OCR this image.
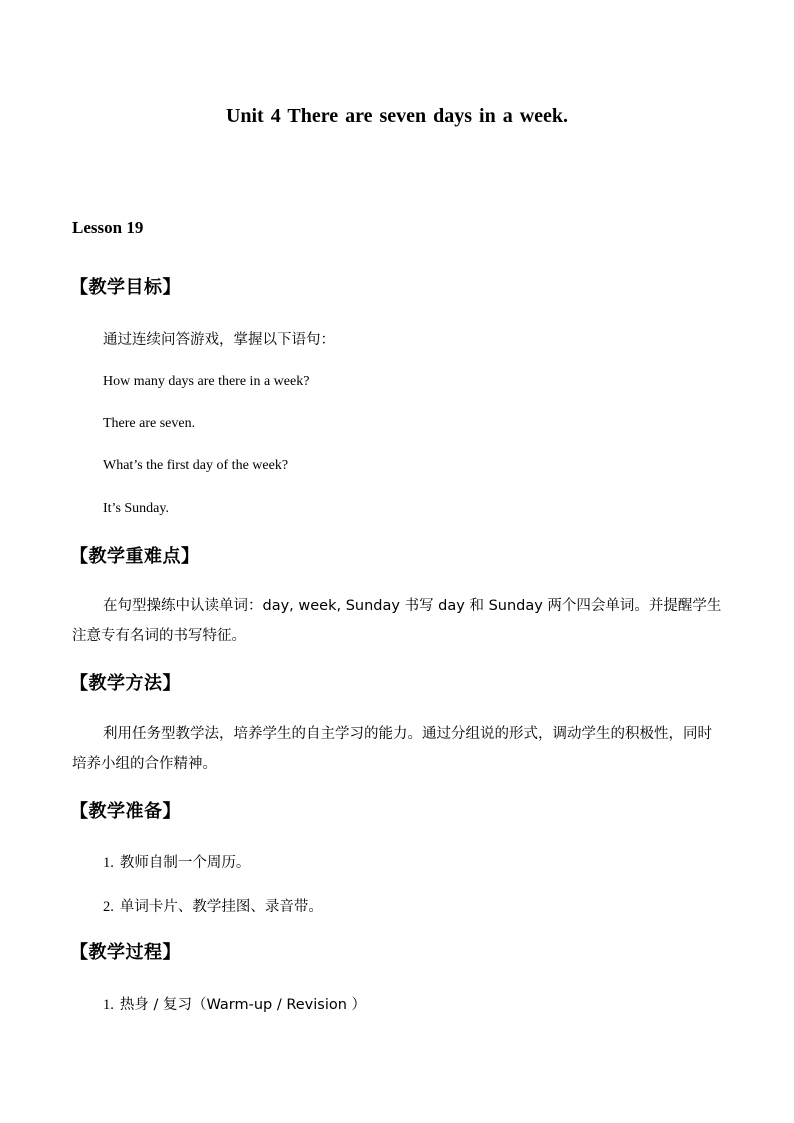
Unit 4 There are seven days in a week.
Lesson 19
【教学目标】
通过连续问答游戏，掌握以下语句：
How many days are there in a week?
There are seven.
What’s the first day of the week?
It’s Sunday.
【教学重难点】
在句型操练中认读单词：day, week, Sunday 书写 day 和 Sunday 两个四会单词。并提醒学生注意专有名词的书写特征。
【教学方法】
利用任务型教学法，培养学生的自主学习的能力。通过分组说的形式，调动学生的积极性，同时培养小组的合作精神。
【教学准备】
1. 教师自制一个周历。
2. 单词卡片、教学挂图、录音带。
【教学过程】
1. 热身 / 复习（Warm-up / Revision ）
